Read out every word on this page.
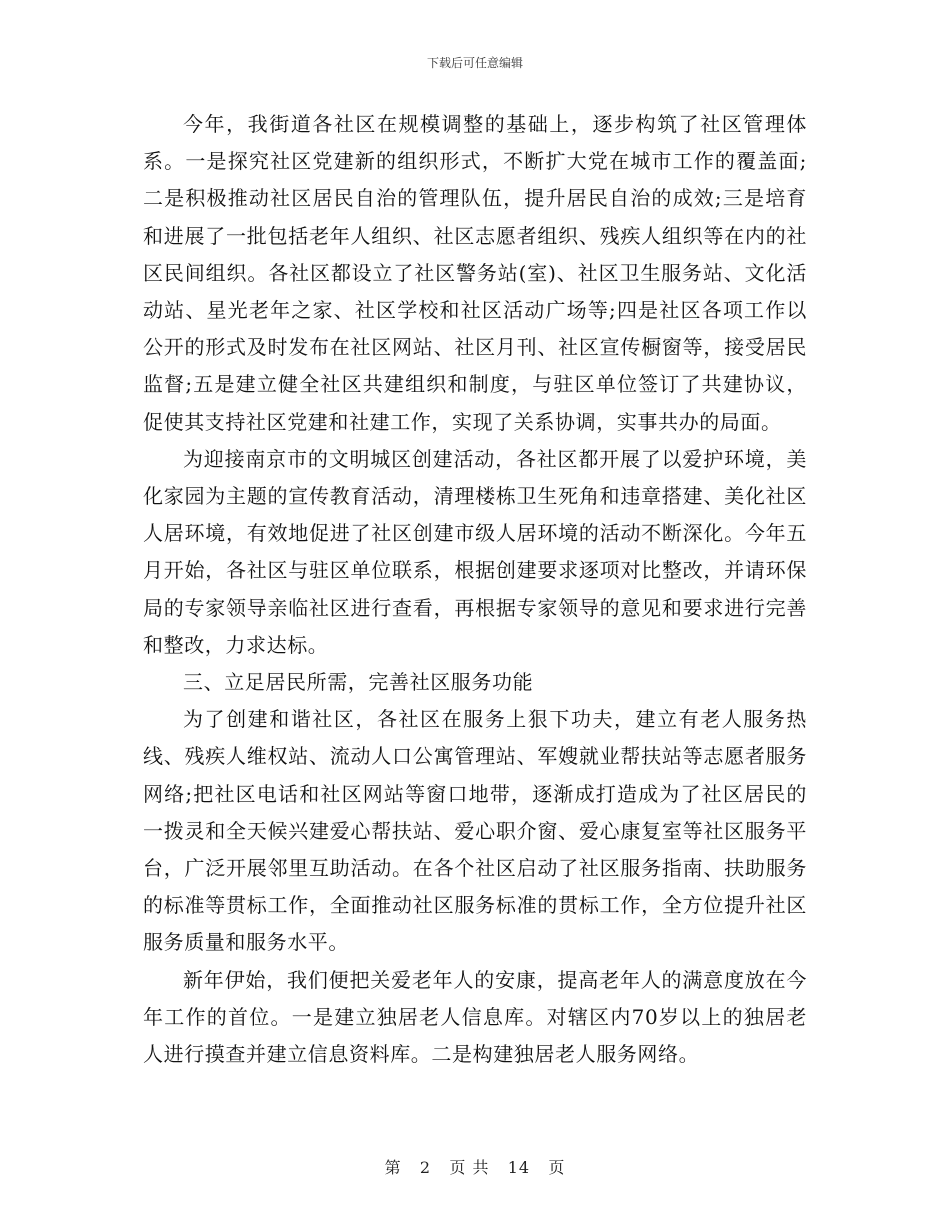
下载后可任意编辑

今年，我街道各社区在规模调整的基础上，逐步构筑了社区管理体系。一是探究社区党建新的组织形式，不断扩大党在城市工作的覆盖面;二是积极推动社区居民自治的管理队伍，提升居民自治的成效;三是培育和进展了一批包括老年人组织、社区志愿者组织、残疾人组织等在内的社区民间组织。各社区都设立了社区警务站(室)、社区卫生服务站、文化活动站、星光老年之家、社区学校和社区活动广场等;四是社区各项工作以公开的形式及时发布在社区网站、社区月刊、社区宣传橱窗等，接受居民监督;五是建立健全社区共建组织和制度，与驻区单位签订了共建协议，促使其支持社区党建和社建工作，实现了关系协调，实事共办的局面。

为迎接南京市的文明城区创建活动，各社区都开展了以爱护环境，美化家园为主题的宣传教育活动，清理楼栋卫生死角和违章搭建、美化社区人居环境，有效地促进了社区创建市级人居环境的活动不断深化。今年五月开始，各社区与驻区单位联系，根据创建要求逐项对比整改，并请环保局的专家领导亲临社区进行查看，再根据专家领导的意见和要求进行完善和整改，力求达标。

三、立足居民所需，完善社区服务功能

为了创建和谐社区，各社区在服务上狠下功夫，建立有老人服务热线、残疾人维权站、流动人口公寓管理站、军嫂就业帮扶站等志愿者服务网络;把社区电话和社区网站等窗口地带，逐渐成打造成为了社区居民的一拨灵和全天候兴建爱心帮扶站、爱心职介窗、爱心康复室等社区服务平台，广泛开展邻里互助活动。在各个社区启动了社区服务指南、扶助服务的标准等贯标工作，全面推动社区服务标准的贯标工作，全方位提升社区服务质量和服务水平。

新年伊始，我们便把关爱老年人的安康，提高老年人的满意度放在今年工作的首位。一是建立独居老人信息库。对辖区内70岁以上的独居老人进行摸查并建立信息资料库。二是构建独居老人服务网络。

第 2 页 共 14 页
